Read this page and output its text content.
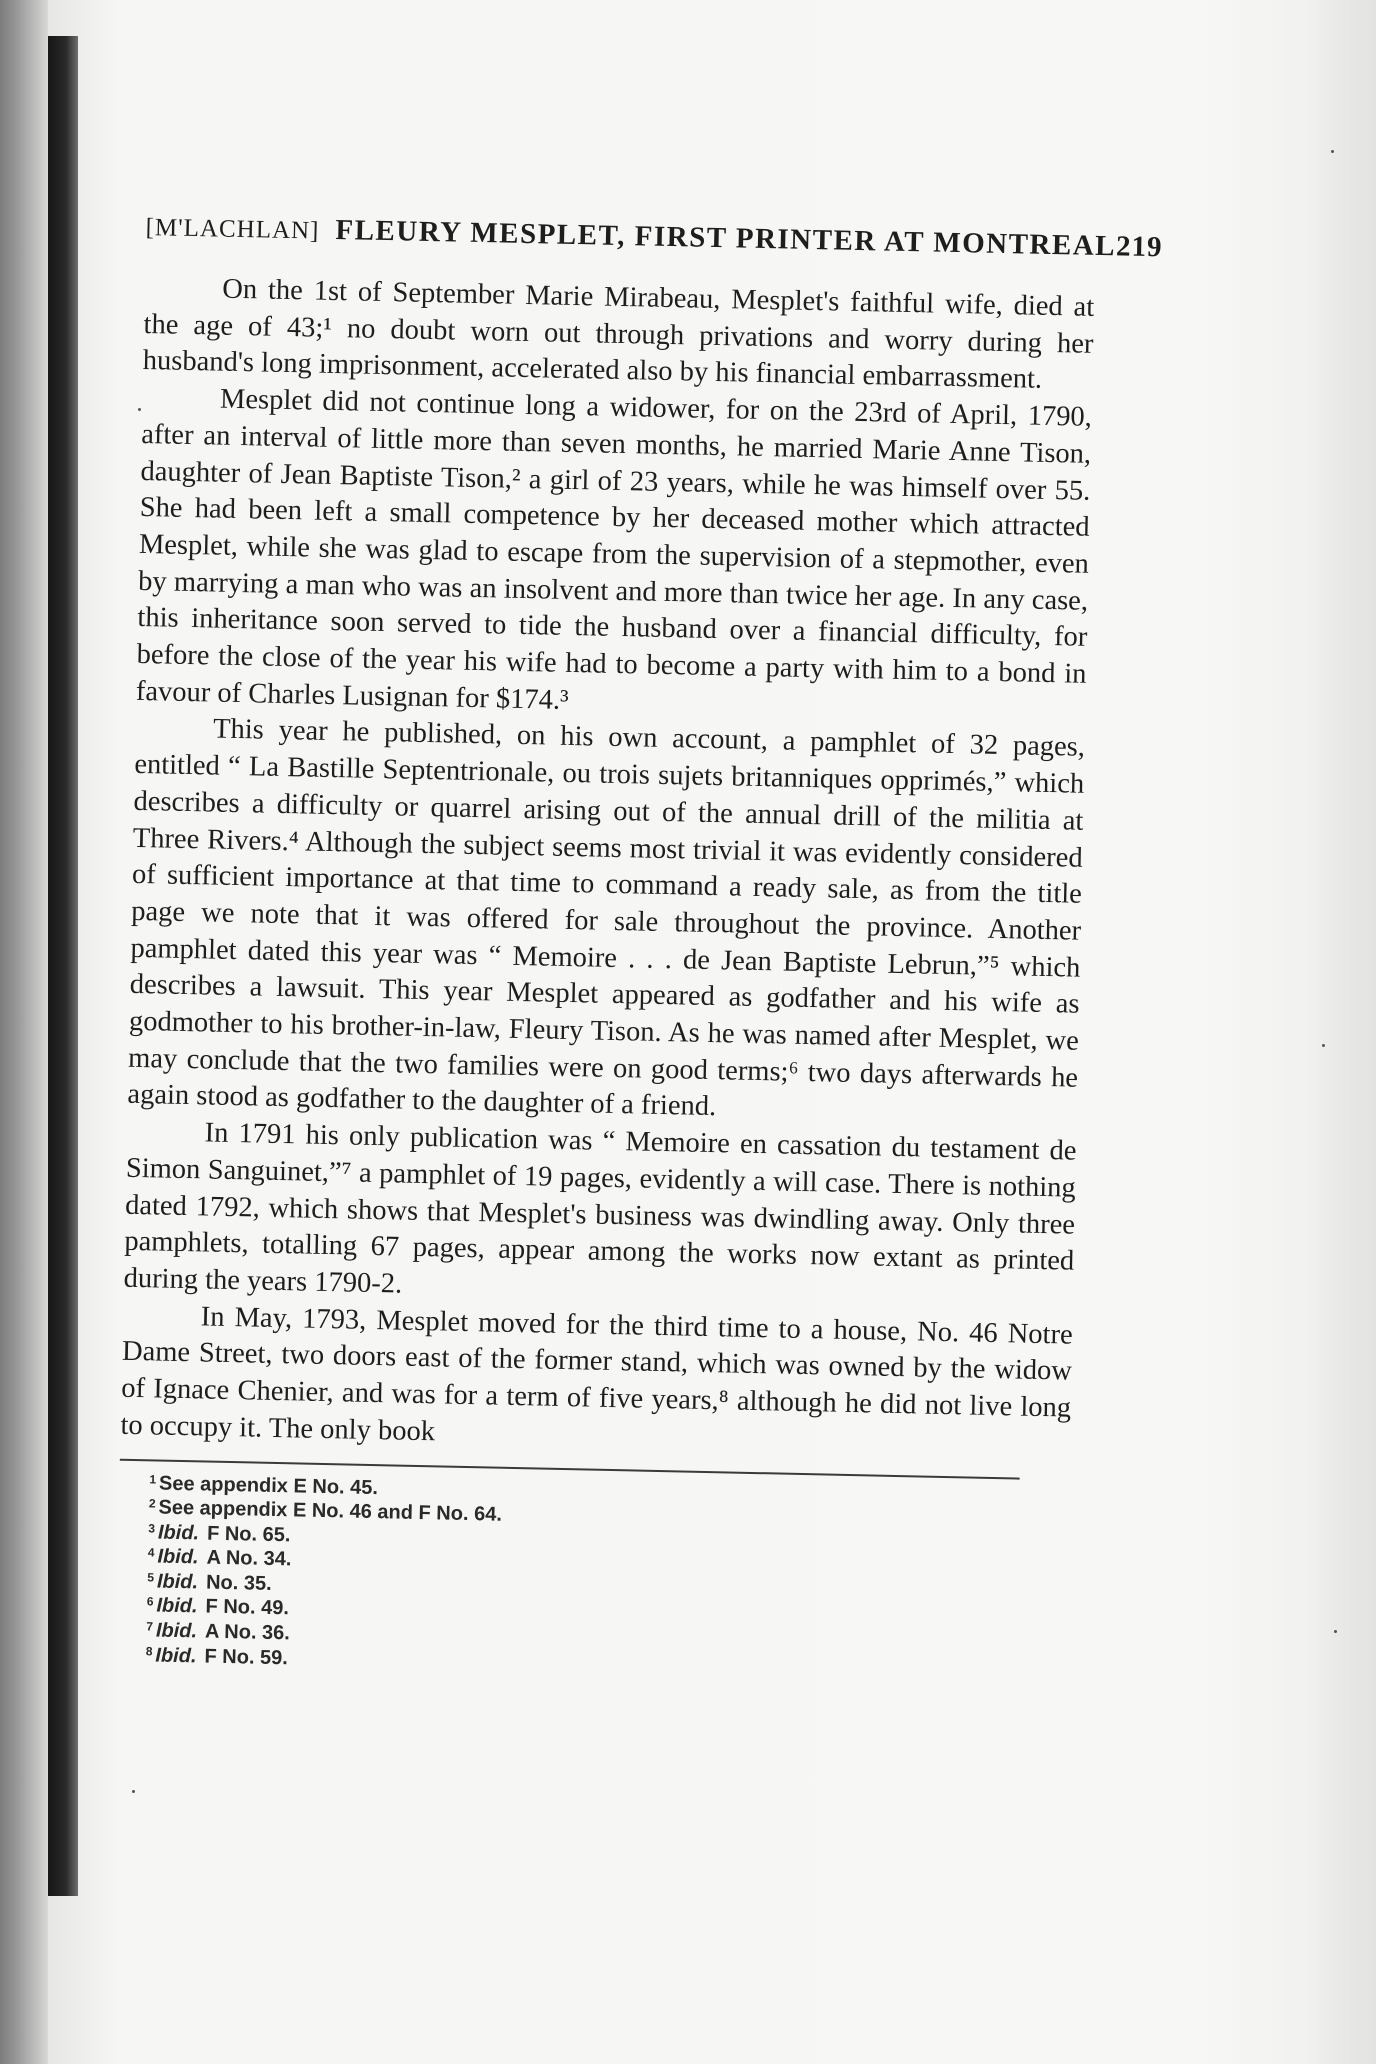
[M'LACHLAN] FLEURY MESPLET, FIRST PRINTER AT MONTREAL 219

On the 1st of September Marie Mirabeau, Mesplet's faithful wife, died at the age of 43;¹ no doubt worn out through privations and worry during her husband's long imprisonment, accelerated also by his financial embarrassment.

Mesplet did not continue long a widower, for on the 23rd of April, 1790, after an interval of little more than seven months, he married Marie Anne Tison, daughter of Jean Baptiste Tison,² a girl of 23 years, while he was himself over 55. She had been left a small competence by her deceased mother which attracted Mesplet, while she was glad to escape from the supervision of a stepmother, even by marrying a man who was an insolvent and more than twice her age. In any case, this inheritance soon served to tide the husband over a financial difficulty, for before the close of the year his wife had to become a party with him to a bond in favour of Charles Lusignan for $174.³

This year he published, on his own account, a pamphlet of 32 pages, entitled “ La Bastille Septentrionale, ou trois sujets britanniques opprimés,” which describes a difficulty or quarrel arising out of the annual drill of the militia at Three Rivers.⁴ Although the subject seems most trivial it was evidently considered of sufficient importance at that time to command a ready sale, as from the title page we note that it was offered for sale throughout the province. Another pamphlet dated this year was “ Memoire . . . de Jean Baptiste Lebrun,”⁵ which describes a lawsuit. This year Mesplet appeared as godfather and his wife as godmother to his brother-in-law, Fleury Tison. As he was named after Mesplet, we may conclude that the two families were on good terms;⁶ two days afterwards he again stood as godfather to the daughter of a friend.

In 1791 his only publication was “ Memoire en cassation du testament de Simon Sanguinet,”⁷ a pamphlet of 19 pages, evidently a will case. There is nothing dated 1792, which shows that Mesplet's business was dwindling away. Only three pamphlets, totalling 67 pages, appear among the works now extant as printed during the years 1790-2.

In May, 1793, Mesplet moved for the third time to a house, No. 46 Notre Dame Street, two doors east of the former stand, which was owned by the widow of Ignace Chenier, and was for a term of five years,⁸ although he did not live long to occupy it. The only book

1 See appendix E No. 45.
2 See appendix E No. 46 and F No. 64.
3 Ibid. F No. 65.
4 Ibid. A No. 34.
5 Ibid. No. 35.
6 Ibid. F No. 49.
7 Ibid. A No. 36.
8 Ibid. F No. 59.
